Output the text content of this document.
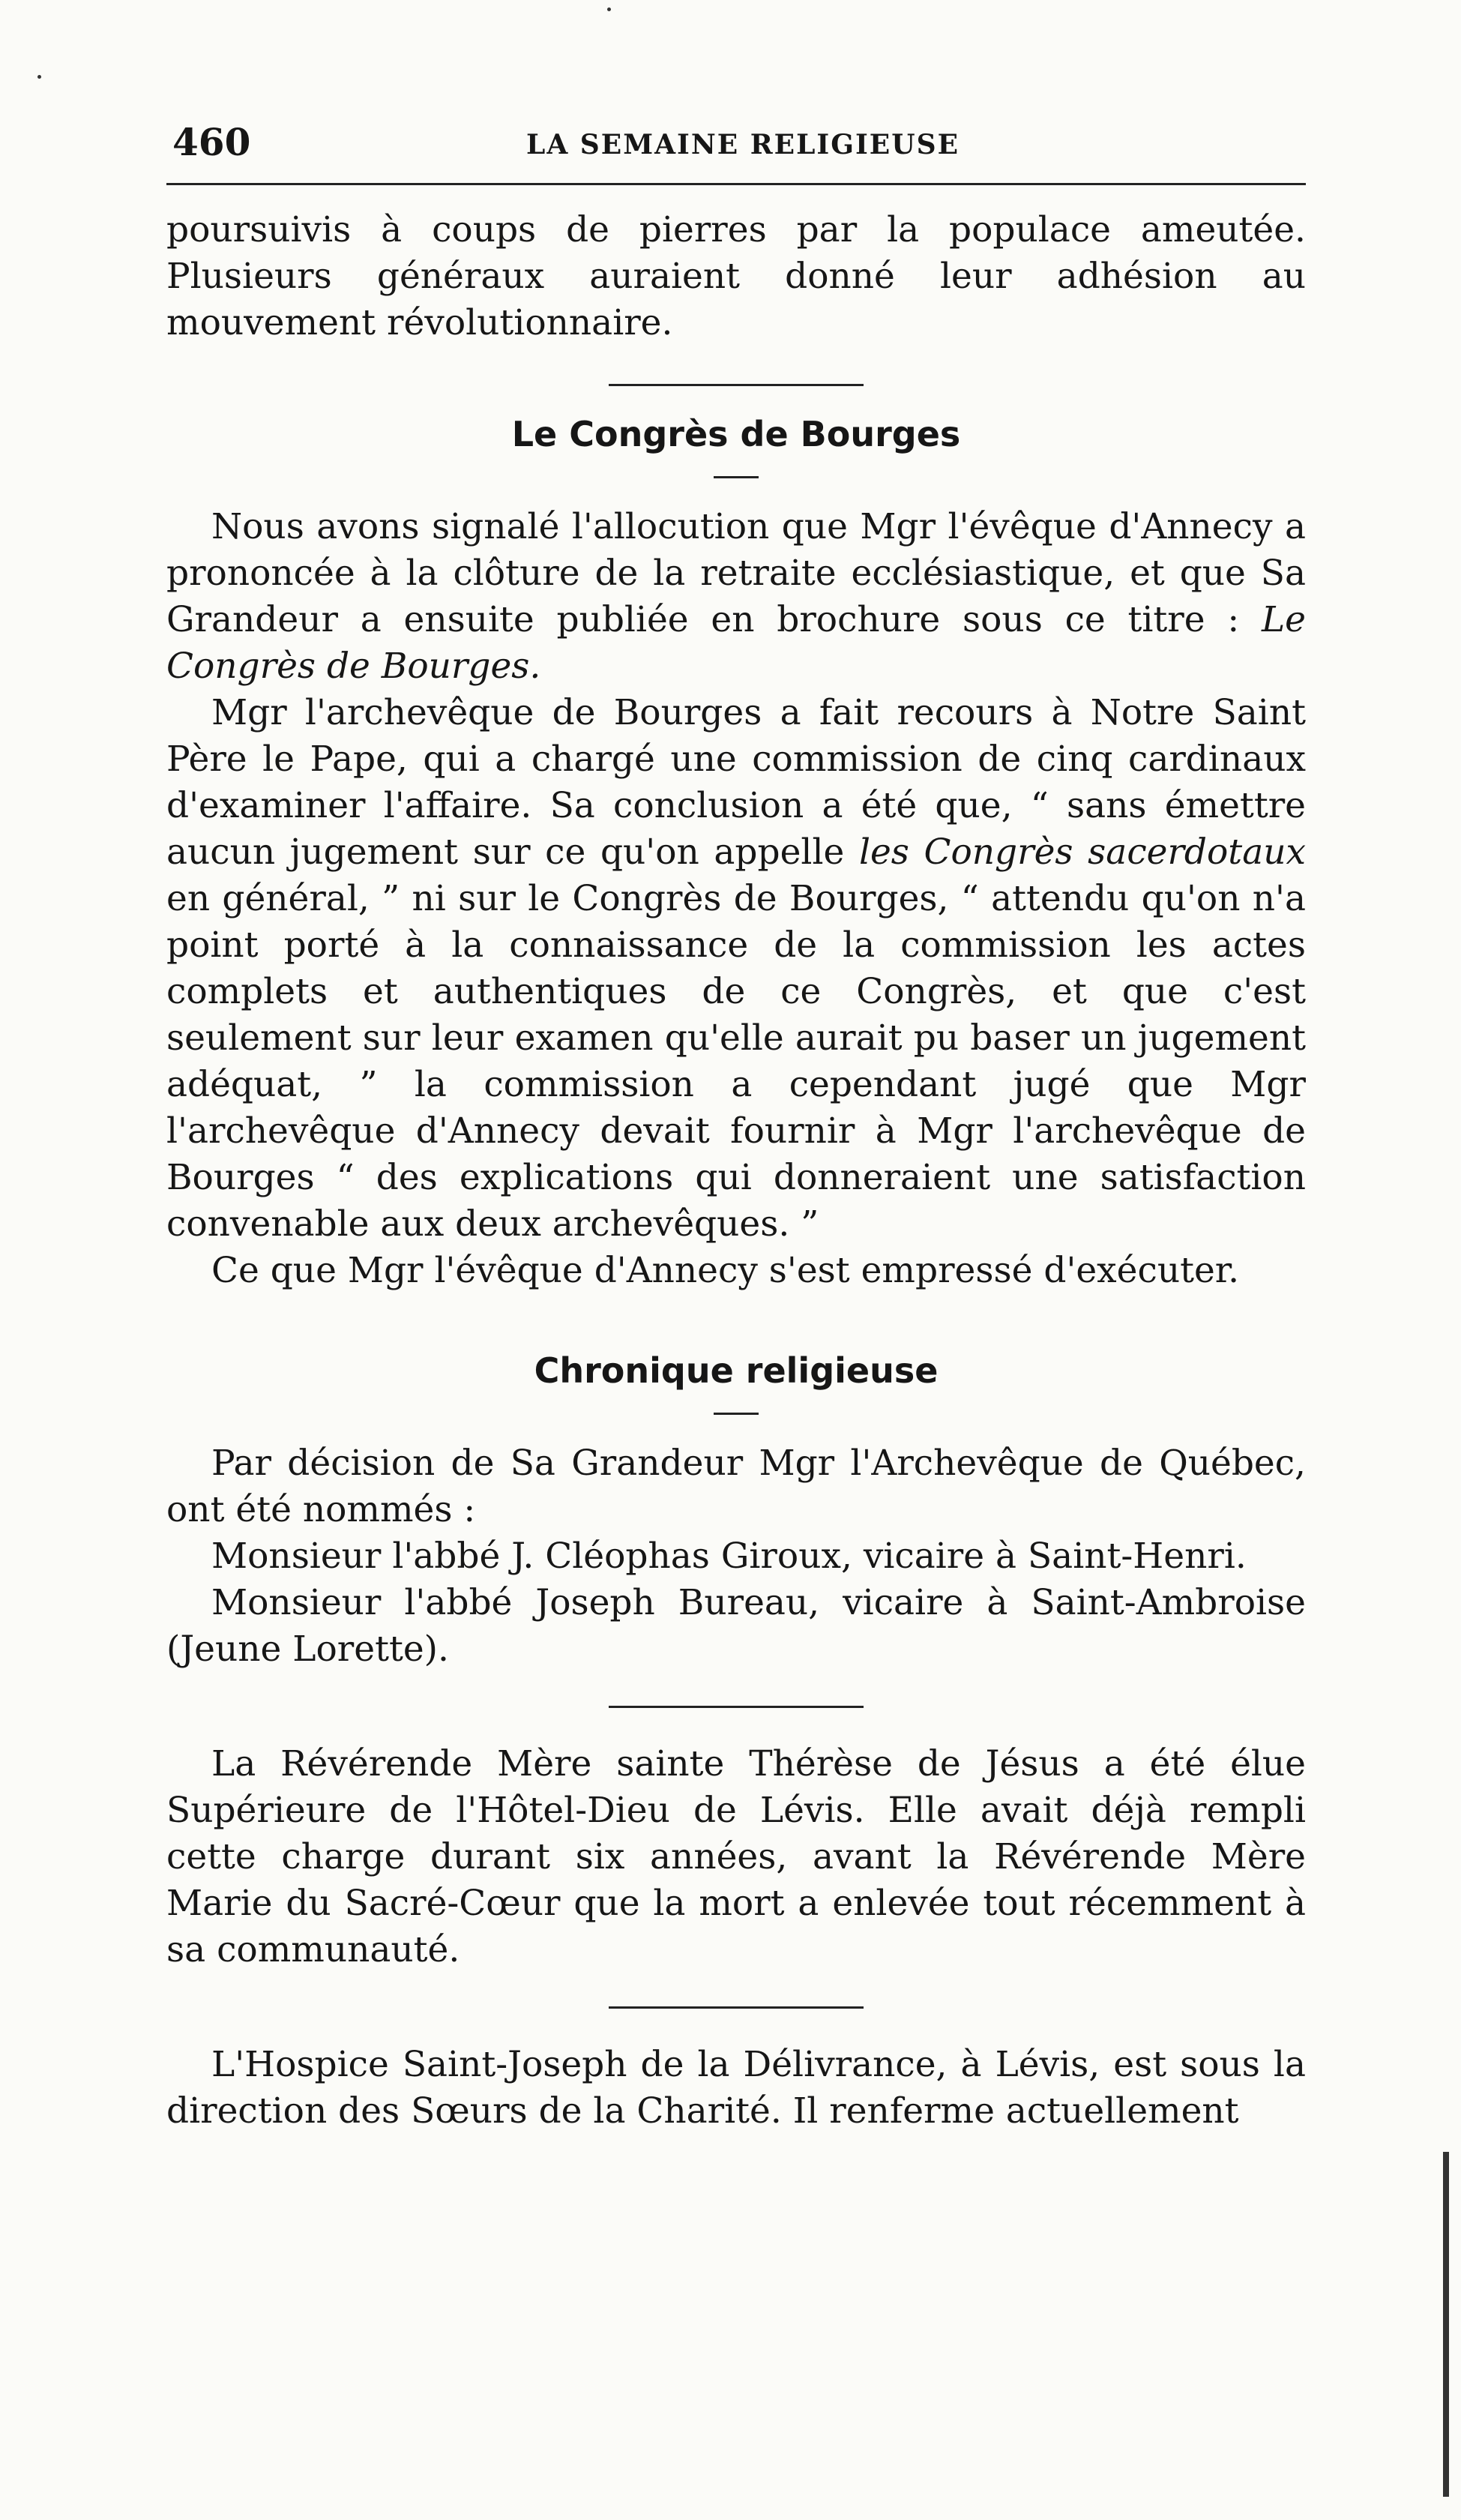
460	LA SEMAINE RELIGIEUSE

poursuivis à coups de pierres par la populace ameutée. Plusieurs généraux auraient donné leur adhésion au mouvement révolutionnaire.

Le Congrès de Bourges

Nous avons signalé l'allocution que Mgr l'évêque d'Annecy a prononcée à la clôture de la retraite ecclésiastique, et que Sa Grandeur a ensuite publiée en brochure sous ce titre : Le Congrès de Bourges.

Mgr l'archevêque de Bourges a fait recours à Notre Saint Père le Pape, qui a chargé une commission de cinq cardinaux d'examiner l'affaire. Sa conclusion a été que, “ sans émettre aucun jugement sur ce qu'on appelle les Congrès sacerdotaux en général, ” ni sur le Congrès de Bourges, “ attendu qu'on n'a point porté à la connaissance de la commission les actes complets et authentiques de ce Congrès, et que c'est seulement sur leur examen qu'elle aurait pu baser un jugement adéquat, ” la commission a cependant jugé que Mgr l'archevêque d'Annecy devait fournir à Mgr l'archevêque de Bourges “ des explications qui donneraient une satisfaction convenable aux deux archevêques. ”

Ce que Mgr l'évêque d'Annecy s'est empressé d'exécuter.

Chronique religieuse

Par décision de Sa Grandeur Mgr l'Archevêque de Québec, ont été nommés :

Monsieur l'abbé J. Cléophas Giroux, vicaire à Saint-Henri.

Monsieur l'abbé Joseph Bureau, vicaire à Saint-Ambroise (Jeune Lorette).

La Révérende Mère sainte Thérèse de Jésus a été élue Supérieure de l'Hôtel-Dieu de Lévis. Elle avait déjà rempli cette charge durant six années, avant la Révérende Mère Marie du Sacré-Cœur que la mort a enlevée tout récemment à sa communauté.

L'Hospice Saint-Joseph de la Délivrance, à Lévis, est sous la direction des Sœurs de la Charité. Il renferme actuellement
